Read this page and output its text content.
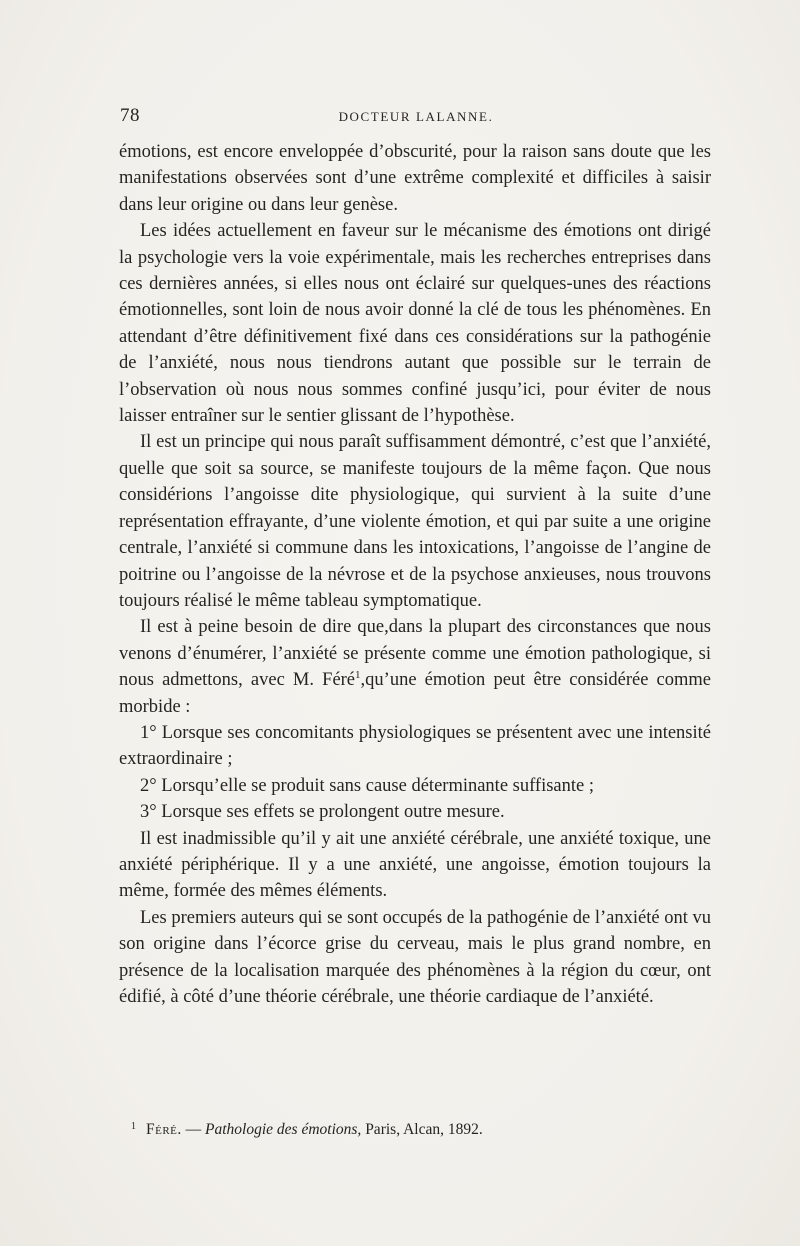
78	DOCTEUR LALANNE.

émotions, est encore enveloppée d’obscurité, pour la raison sans doute que les manifestations observées sont d’une extrême complexité et difficiles à saisir dans leur origine ou dans leur genèse.

Les idées actuellement en faveur sur le mécanisme des émotions ont dirigé la psychologie vers la voie expérimentale, mais les recherches entreprises dans ces dernières années, si elles nous ont éclairé sur quelques-unes des réactions émotionnelles, sont loin de nous avoir donné la clé de tous les phénomènes. En attendant d’être définitivement fixé dans ces considérations sur la pathogénie de l’anxiété, nous nous tiendrons autant que possible sur le terrain de l’observation où nous nous sommes confiné jusqu’ici, pour éviter de nous laisser entraîner sur le sentier glissant de l’hypothèse.

Il est un principe qui nous paraît suffisamment démontré, c’est que l’anxiété, quelle que soit sa source, se manifeste toujours de la même façon. Que nous considérions l’angoisse dite physiologique, qui survient à la suite d’une représentation effrayante, d’une violente émotion, et qui par suite a une origine centrale, l’anxiété si commune dans les intoxications, l’angoisse de l’angine de poitrine ou l’angoisse de la névrose et de la psychose anxieuses, nous trouvons toujours réalisé le même tableau symptomatique.

Il est à peine besoin de dire que,dans la plupart des circonstances que nous venons d’énumérer, l’anxiété se présente comme une émotion pathologique, si nous admettons, avec M. Féré$^1$,qu’une émotion peut être considérée comme morbide :

1° Lorsque ses concomitants physiologiques se présentent avec une intensité extraordinaire ;

2° Lorsqu’elle se produit sans cause déterminante suffisante ;

3° Lorsque ses effets se prolongent outre mesure.

Il est inadmissible qu’il y ait une anxiété cérébrale, une anxiété toxique, une anxiété périphérique. Il y a une anxiété, une angoisse, émotion toujours la même, formée des mêmes éléments.

Les premiers auteurs qui se sont occupés de la pathogénie de l’anxiété ont vu son origine dans l’écorce grise du cerveau, mais le plus grand nombre, en présence de la localisation marquée des phénomènes à la région du cœur, ont édifié, à côté d’une théorie cérébrale, une théorie cardiaque de l’anxiété.

$^1$ Féré. — Pathologie des émotions, Paris, Alcan, 1892.
